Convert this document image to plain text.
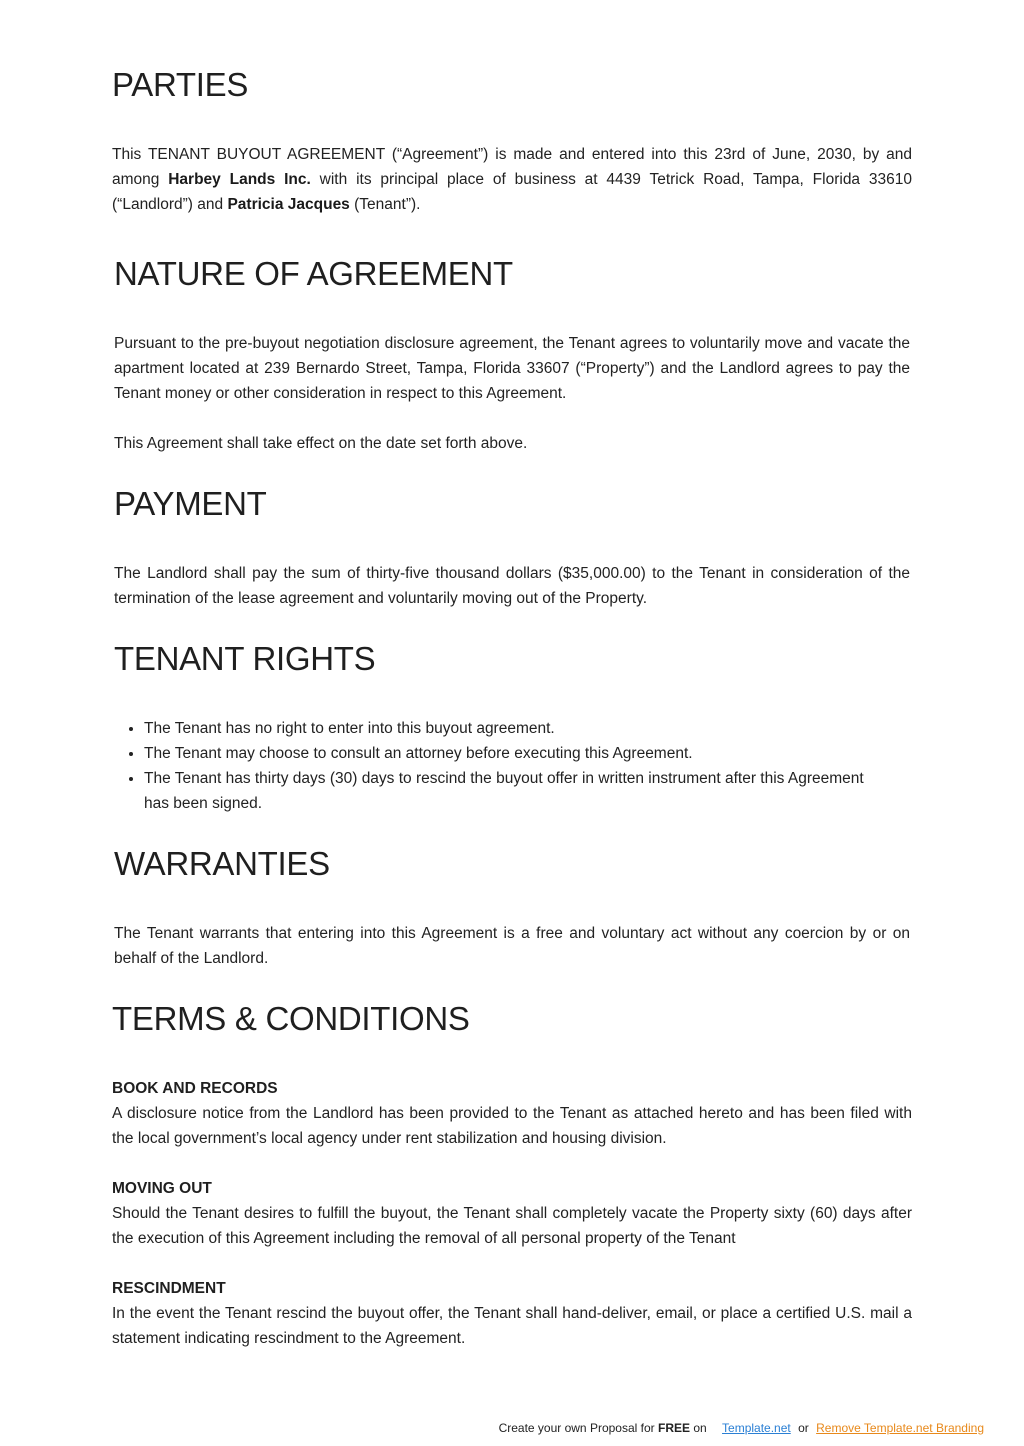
PARTIES

This TENANT BUYOUT AGREEMENT (“Agreement”) is made and entered into this 23rd of June, 2030, by and among Harbey Lands Inc. with its principal place of business at 4439 Tetrick Road, Tampa, Florida 33610 (“Landlord”) and Patricia Jacques (Tenant”).

NATURE OF AGREEMENT

Pursuant to the pre-buyout negotiation disclosure agreement, the Tenant agrees to voluntarily move and vacate the apartment located at 239 Bernardo Street, Tampa, Florida 33607 (“Property”) and the Landlord agrees to pay the Tenant money or other consideration in respect to this Agreement.

This Agreement shall take effect on the date set forth above.

PAYMENT

The Landlord shall pay the sum of thirty-five thousand dollars ($35,000.00) to the Tenant in consideration of the termination of the lease agreement and voluntarily moving out of the Property.

TENANT RIGHTS
• The Tenant has no right to enter into this buyout agreement.
• The Tenant may choose to consult an attorney before executing this Agreement.
• The Tenant has thirty days (30) days to rescind the buyout offer in written instrument after this Agreement has been signed.
WARRANTIES

The Tenant warrants that entering into this Agreement is a free and voluntary act without any coercion by or on behalf of the Landlord.

TERMS & CONDITIONS
BOOK AND RECORDS

A disclosure notice from the Landlord has been provided to the Tenant as attached hereto and has been filed with the local government’s local agency under rent stabilization and housing division.

MOVING OUT

Should the Tenant desires to fulfill the buyout, the Tenant shall completely vacate the Property sixty (60) days after the execution of this Agreement including the removal of all personal property of the Tenant

RESCINDMENT

In the event the Tenant rescind the buyout offer, the Tenant shall hand-deliver, email, or place a certified U.S. mail a statement indicating rescindment to the Agreement.

Create your own Proposal for FREE on Template.net or Remove Template.net Branding
